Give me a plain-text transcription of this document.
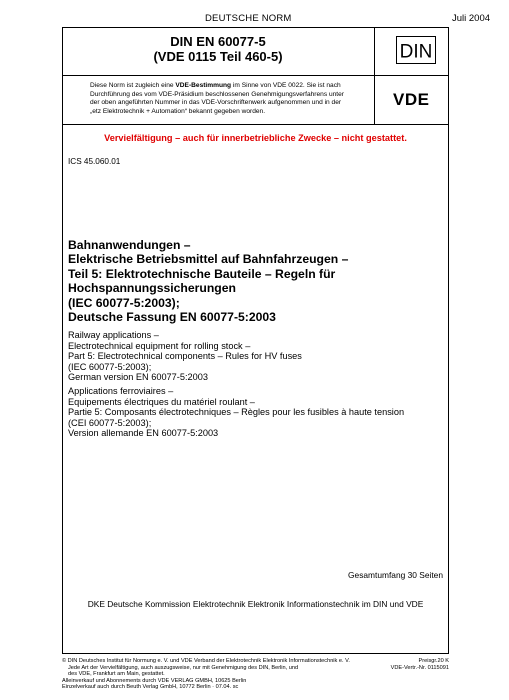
DEUTSCHE NORM	Juli 2004
DIN EN 60077-5
(VDE 0115 Teil 460-5)	DIN
Diese Norm ist zugleich eine VDE-Bestimmung im Sinne von VDE 0022. Sie ist nach
Durchführung des vom VDE-Präsidium beschlossenen Genehmigungsverfahrens unter
der oben angeführten Nummer in das VDE-Vorschriftenwerk aufgenommen und in der
„etz Elektrotechnik + Automation“ bekannt gegeben worden.
VDE
Vervielfältigung – auch für innerbetriebliche Zwecke – nicht gestattet.
ICS 45.060.01
Bahnanwendungen –
Elektrische Betriebsmittel auf Bahnfahrzeugen –
Teil 5: Elektrotechnische Bauteile – Regeln für
Hochspannungssicherungen
(IEC 60077-5:2003);
Deutsche Fassung EN 60077-5:2003
Railway applications –
Electrotechnical equipment for rolling stock –
Part 5: Electrotechnical components – Rules for HV fuses
(IEC 60077-5:2003);
German version EN 60077-5:2003
Applications ferroviaires –
Equipements électriques du matériel roulant –
Partie 5: Composants électrotechniques – Règles pour les fusibles à haute tension
(CEI 60077-5:2003);
Version allemande EN 60077-5:2003
Gesamtumfang 30 Seiten
DKE Deutsche Kommission Elektrotechnik Elektronik Informationstechnik im DIN und VDE
© DIN Deutsches Institut für Normung e. V. und VDE Verband der Elektrotechnik Elektronik Informationstechnik e. V.
Jede Art der Vervielfältigung, auch auszugsweise, nur mit Genehmigung des DIN, Berlin, und
des VDE, Frankfurt am Main, gestattet.
Alleinverkauf und Abonnements durch VDE VERLAG GMBH, 10625 Berlin
Einzelverkauf auch durch Beuth Verlag GmbH, 10772 Berlin · 07.04. sc
Preisgr.20 K
VDE-Vertr.-Nr. 0115091
